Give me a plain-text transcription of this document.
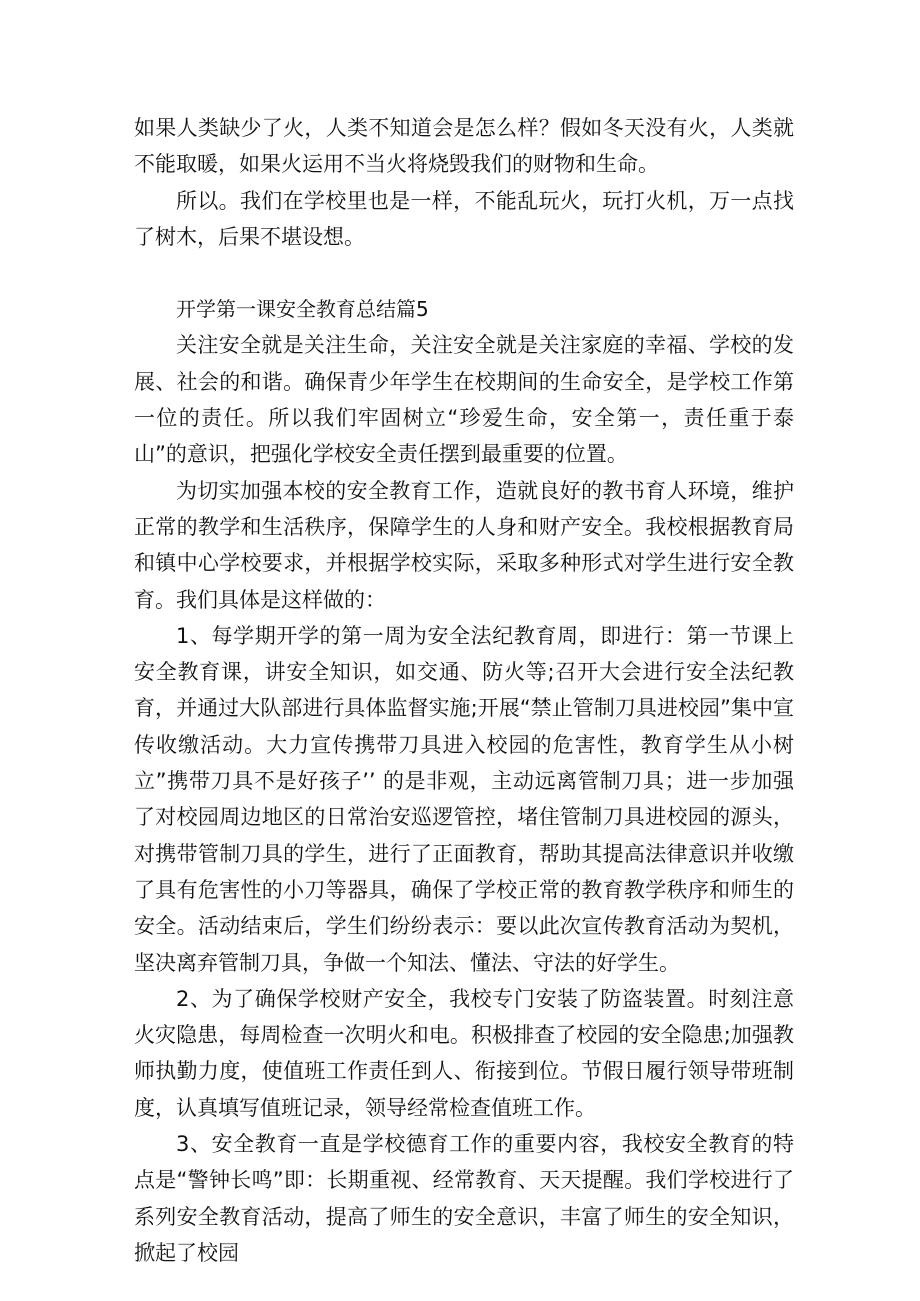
如果人类缺少了火，人类不知道会是怎么样？假如冬天没有火，人类就不能取暖，如果火运用不当火将烧毁我们的财物和生命。

所以。我们在学校里也是一样，不能乱玩火，玩打火机，万一点找了树木，后果不堪设想。

开学第一课安全教育总结篇5

关注安全就是关注生命，关注安全就是关注家庭的幸福、学校的发展、社会的和谐。确保青少年学生在校期间的生命安全，是学校工作第一位的责任。所以我们牢固树立“珍爱生命，安全第一，责任重于泰山”的意识，把强化学校安全责任摆到最重要的位置。

为切实加强本校的安全教育工作，造就良好的教书育人环境，维护正常的教学和生活秩序，保障学生的人身和财产安全。我校根据教育局和镇中心学校要求，并根据学校实际，采取多种形式对学生进行安全教育。我们具体是这样做的：

1、每学期开学的第一周为安全法纪教育周，即进行：第一节课上安全教育课，讲安全知识，如交通、防火等;召开大会进行安全法纪教育，并通过大队部进行具体监督实施;开展“禁止管制刀具进校园”集中宣传收缴活动。大力宣传携带刀具进入校园的危害性，教育学生从小树立”携带刀具不是好孩子’’ 的是非观，主动远离管制刀具；进一步加强了对校园周边地区的日常治安巡逻管控，堵住管制刀具进校园的源头，对携带管制刀具的学生，进行了正面教育，帮助其提高法律意识并收缴了具有危害性的小刀等器具，确保了学校正常的教育教学秩序和师生的安全。活动结束后，学生们纷纷表示：要以此次宣传教育活动为契机，坚决离弃管制刀具，争做一个知法、懂法、守法的好学生。

2、为了确保学校财产安全，我校专门安装了防盗装置。时刻注意火灾隐患，每周检查一次明火和电。积极排查了校园的安全隐患;加强教师执勤力度，使值班工作责任到人、衔接到位。节假日履行领导带班制度，认真填写值班记录，领导经常检查值班工作。

3、安全教育一直是学校德育工作的重要内容，我校安全教育的特点是“警钟长鸣”即：长期重视、经常教育、天天提醒。我们学校进行了系列安全教育活动，提高了师生的安全意识，丰富了师生的安全知识，掀起了校园
